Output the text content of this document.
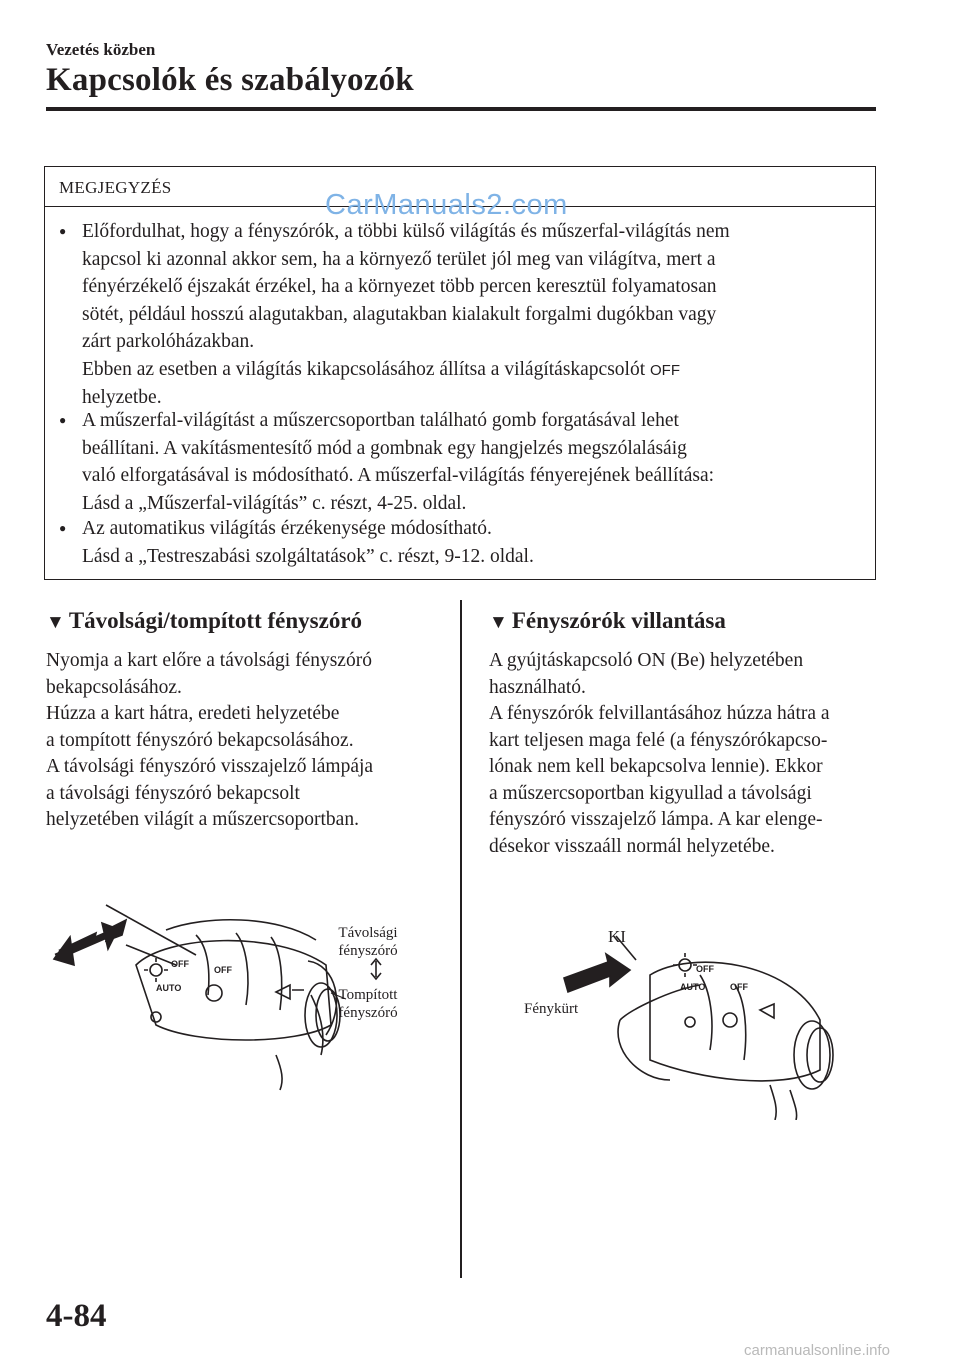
Vezetés közben
Kapcsolók és szabályozók
MEGJEGYZÉS
CarManuals2.com
● Előfordulhat, hogy a fényszórók, a többi külső világítás és műszerfal-világítás nem
kapcsol ki azonnal akkor sem, ha a környező terület jól meg van világítva, mert a
fényérzékelő éjszakát érzékel, ha a környezet több percen keresztül folyamatosan
sötét, például hosszú alagutakban, alagutakban kialakult forgalmi dugókban vagy
zárt parkolóházakban.
Ebben az esetben a világítás kikapcsolásához állítsa a világításkapcsolót OFF
helyzetbe.
● A műszerfal-világítást a műszercsoportban található gomb forgatásával lehet
beállítani. A vakításmentesítő mód a gombnak egy hangjelzés megszólalásáig
való elforgatásával is módosítható. A műszerfal-világítás fényerejének beállítása:
Lásd a „Műszerfal-világítás” c. részt, 4-25. oldal.
● Az automatikus világítás érzékenysége módosítható.
Lásd a „Testreszabási szolgáltatások” c. részt, 9-12. oldal.
▼ Távolsági/tompított fényszóró
Nyomja a kart előre a távolsági fényszóró
bekapcsolásához.
Húzza a kart hátra, eredeti helyzetébe
a tompított fényszóró bekapcsolásához.
A távolsági fényszóró visszajelző lámpája
a távolsági fényszóró bekapcsolt
helyzetében világít a műszercsoportban.
▼ Fényszórók villantása
A gyújtáskapcsoló ON (Be) helyzetében
használható.
A fényszórók felvillantásához húzza hátra a
kart teljesen maga felé (a fényszórókapcso-
lónak nem kell bekapcsolva lennie). Ekkor
a műszercsoportban kigyullad a távolsági
fényszóró visszajelző lámpa. A kar elenge-
désekor visszaáll normál helyzetébe.
OFF
AUTO
OFF
Távolsági
fényszóró
Tompított
fényszóró
OFF
AUTO	OFF
KI
Fénykürt
4-84
carmanualsonline.info
